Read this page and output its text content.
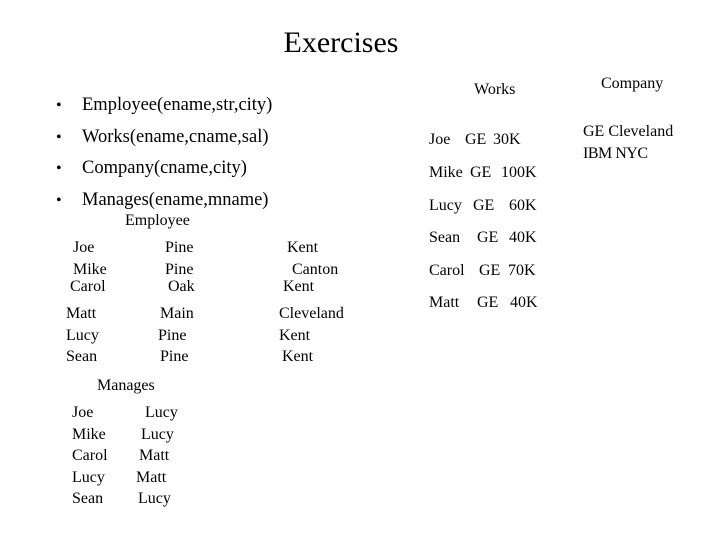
Exercises
• Employee(ename,str,city)
• Works(ename,cname,sal)
• Company(cname,city)
• Manages(ename,mname)
Employee
Joe	Pine	Kent
Mike	Pine	Canton
Carol	Oak	Kent
Matt	Main	Cleveland
Lucy	Pine	Kent
Sean	Pine	Kent
Manages
Joe	Lucy
Mike Lucy
Carol Matt
Lucy Matt
Sean Lucy
Works
Joe GE 30K
Mike GE 100K
Lucy GE 60K
Sean GE 40K
Carol GE 70K
Matt GE 40K
Company
GE Cleveland
IBM NYC
